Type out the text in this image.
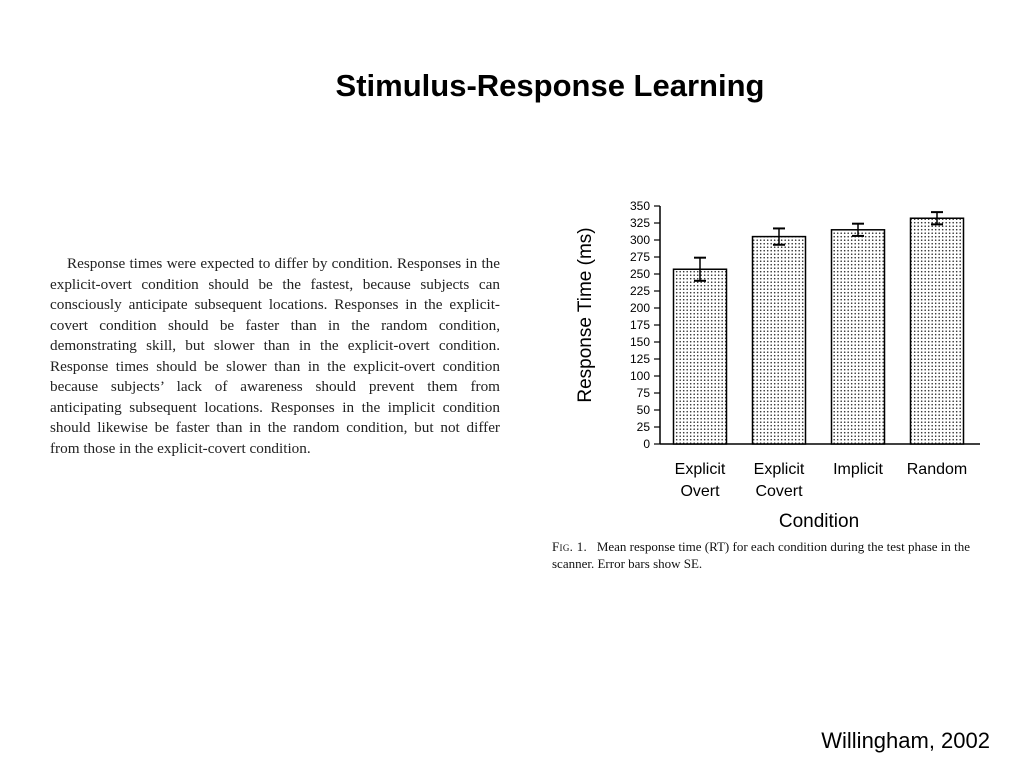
Stimulus-Response Learning

Response times were expected to differ by condition. Responses in the explicit-overt condition should be the fastest, because subjects can consciously anticipate subsequent locations. Responses in the explicit-covert condition should be faster than in the random condition, demonstrating skill, but slower than in the explicit-overt condition. Response times should be slower than in the explicit-overt condition because subjects’ lack of awareness should prevent them from anticipating subsequent locations. Responses in the implicit condition should likewise be faster than in the random condition, but not differ from those in the explicit-covert condition.	0
25
50
75
100
125
150
175
200
225
250
275
300
325
350
Explicit
Overt
Explicit
Covert
Implicit Random
Response Time (ms)
Condition

Fig. 1. Mean response time (RT) for each condition during the test phase in the scanner. Error bars show SE.

Willingham, 2002
